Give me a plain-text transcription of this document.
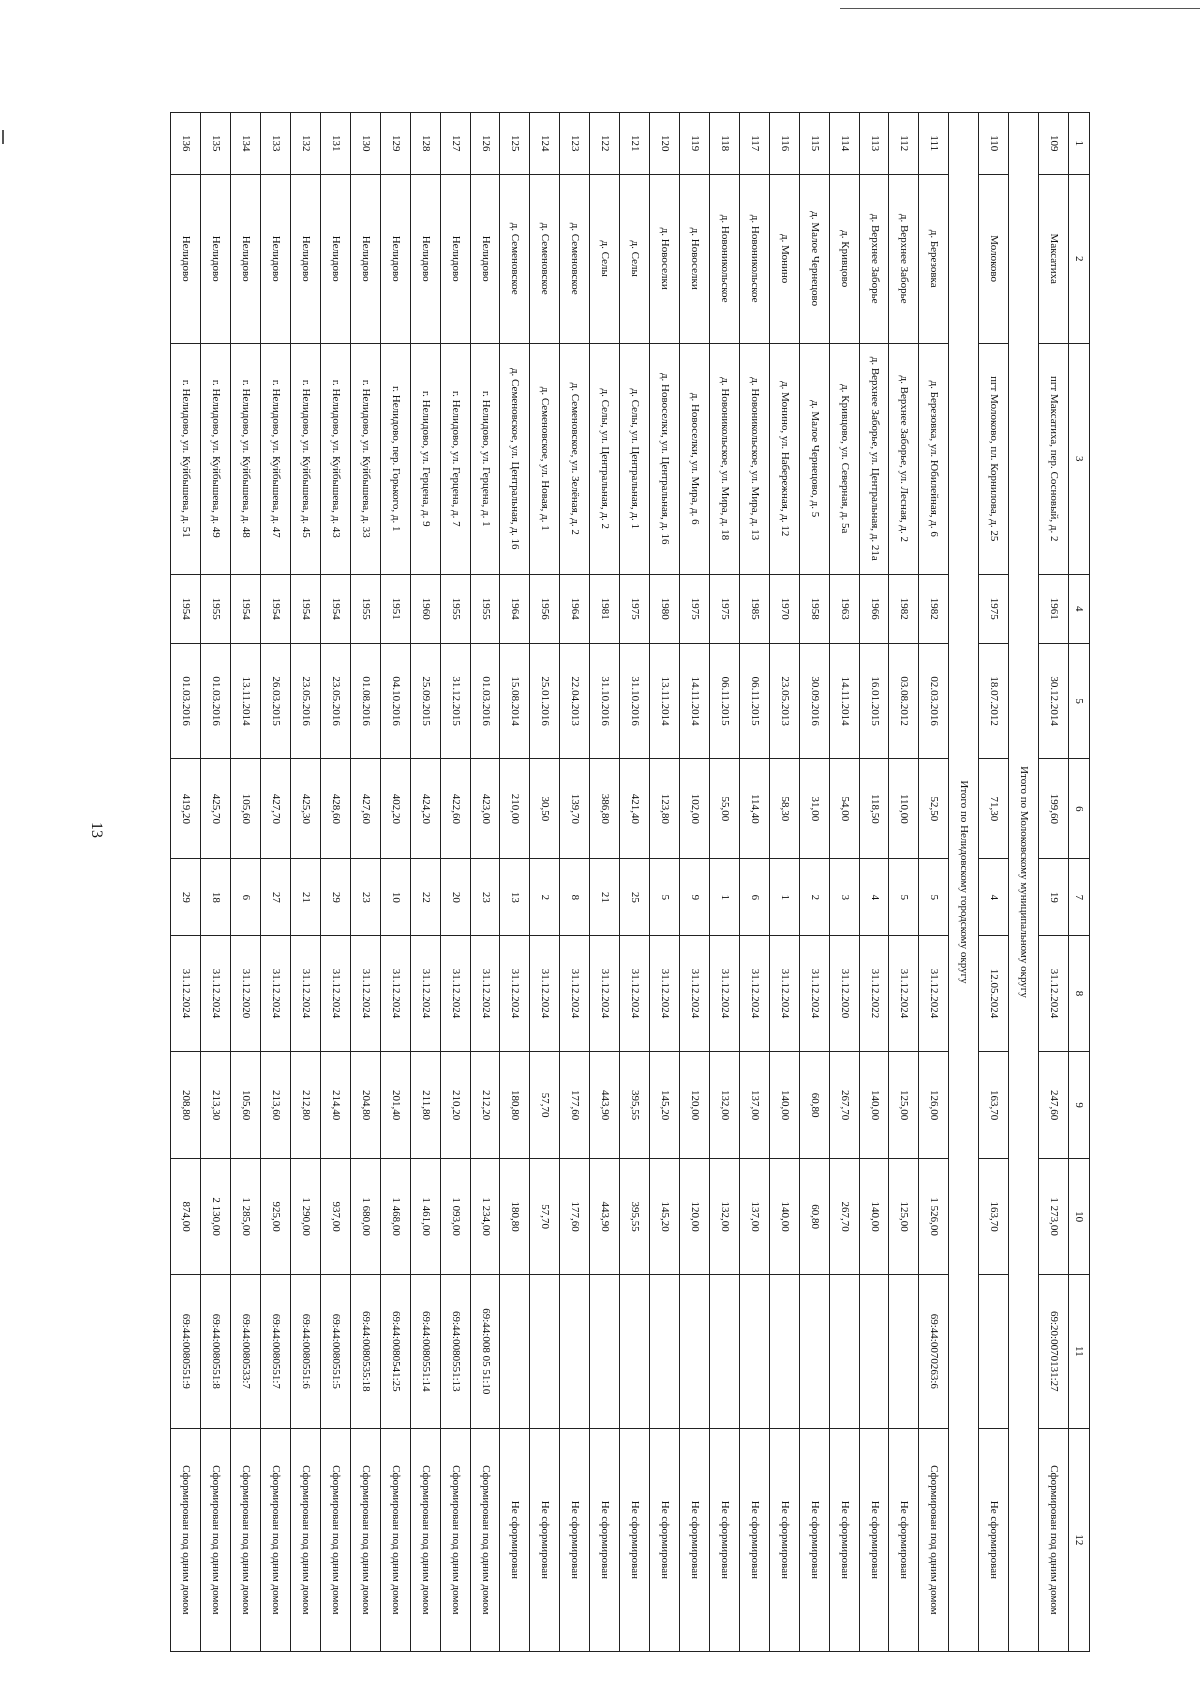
13
1	2	3	4	5	6	7	8	9	10	11	12
109	Максатиха	пгт Максатиха, пер. Сосновый, д. 2	1961	30.12.2014	199,60	19	31.12.2024	247,60	1 273,00	69:20:0070131:27	Сформирован под одним домом
Итого по Молоковскому муниципальному округу											
110	Молоково	пгт Молоково, пл. Корнилова, д. 25	1975	18.07.2012	71,30	4	12.05.2024	163,70	163,70		Не сформирован
Итого по Нелидовскому городскому округу											
111	д. Березовка	д. Березовка, ул. Юбилейная, д. 6	1982	02.03.2016	52,50	5	31.12.2024	126,00	1 526,00	69:44:0070263:6	Сформирован под одним домом
112	д. Верхнее Заборье	д. Верхнее Заборье, ул. Лесная, д. 2	1982	03.08.2012	110,00	5	31.12.2024	125,00	125,00		Не сформирован
113	д. Верхнее Заборье	д. Верхнее Заборье, ул. Центральная, д. 21а	1966	16.01.2015	118,50	4	31.12.2022	140,00	140,00		Не сформирован
114	д. Кривцово	д. Кривцово, ул. Северная, д. 5а	1963	14.11.2014	54,00	3	31.12.2020	267,70	267,70		Не сформирован
115	д. Малое Чернецово	д. Малое Чернецово, д. 5	1958	30.09.2016	31,00	2	31.12.2024	60,80	60,80		Не сформирован
116	д. Монино	д. Монино, ул. Набережная, д. 12	1970	23.05.2013	58,30	1	31.12.2024	140,00	140,00		Не сформирован
117	д. Новоникольское	д. Новоникольское, ул. Мира, д. 13	1985	06.11.2015	114,40	6	31.12.2024	137,00	137,00		Не сформирован
118	д. Новоникольское	д. Новоникольское, ул. Мира, д. 18	1975	06.11.2015	55,00	1	31.12.2024	132,00	132,00		Не сформирован
119	д. Новоселки	д. Новоселки, ул. Мира, д. 6	1975	14.11.2014	102,00	9	31.12.2024	120,00	120,00		Не сформирован
120	д. Новоселки	д. Новоселки, ул. Центральная, д. 16	1980	13.11.2014	123,80	5	31.12.2024	145,20	145,20		Не сформирован
121	д. Селы	д. Селы, ул. Центральная, д. 1	1975	31.10.2016	421,40	25	31.12.2024	395,55	395,55		Не сформирован
122	д. Селы	д. Селы, ул. Центральная, д. 2	1981	31.10.2016	386,80	21	31.12.2024	443,90	443,90		Не сформирован
123	д. Семеновское	д. Семеновское, ул. Зелёная, д. 2	1964	22.04.2013	139,70	8	31.12.2024	177,60	177,60		Не сформирован
124	д. Семеновское	д. Семеновское, ул. Новая, д. 1	1956	25.01.2016	30,50	2	31.12.2024	57,70	57,70		Не сформирован
125	д. Семеновское	д. Семеновское, ул. Центральная, д. 16	1964	15.08.2014	210,00	13	31.12.2024	180,80	180,80		Не сформирован
126	Нелидово	г. Нелидово, ул. Герцена, д. 1	1955	01.03.2016	423,00	23	31.12.2024	212,20	1 234,00	69:44:008 05 51:10	Сформирован под одним домом
127	Нелидово	г. Нелидово, ул. Герцена, д. 7	1955	31.12.2015	422,60	20	31.12.2024	210,20	1 093,00	69:44:0080551:13	Сформирован под одним домом
128	Нелидово	г. Нелидово, ул. Герцена, д. 9	1960	25.09.2015	424,20	22	31.12.2024	211,80	1 461,00	69:44:0080551:14	Сформирован под одним домом
129	Нелидово	г. Нелидово, пер. Горького, д. 1	1951	04.10.2016	402,20	10	31.12.2024	201,40	1 468,00	69:44:0080541:25	Сформирован под одним домом
130	Нелидово	г. Нелидово, ул. Куйбышева, д. 33	1955	01.08.2016	427,60	23	31.12.2024	204,80	1 680,00	69:44:0080535:18	Сформирован под одним домом
131	Нелидово	г. Нелидово, ул. Куйбышева, д. 43	1954	23.05.2016	428,60	29	31.12.2024	214,40	937,00	69:44:0080551:5	Сформирован под одним домом
132	Нелидово	г. Нелидово, ул. Куйбышева, д. 45	1954	23.05.2016	425,30	21	31.12.2024	212,80	1 290,00	69:44:0080551:6	Сформирован под одним домом
133	Нелидово	г. Нелидово, ул. Куйбышева, д. 47	1954	26.03.2015	427,70	27	31.12.2024	213,60	925,00	69:44:0080551:7	Сформирован под одним домом
134	Нелидово	г. Нелидово, ул. Куйбышева, д. 48	1954	13.11.2014	105,60	6	31.12.2020	105,60	1 285,00	69:44:0080533:7	Сформирован под одним домом
135	Нелидово	г. Нелидово, ул. Куйбышева, д. 49	1955	01.03.2016	425,70	18	31.12.2024	213,30	2 130,00	69:44:0080551:8	Сформирован под одним домом
136	Нелидово	г. Нелидово, ул. Куйбышева, д. 51	1954	01.03.2016	419,20	29	31.12.2024	208,80	874,00	69:44:0080551:9	Сформирован под одним домом
